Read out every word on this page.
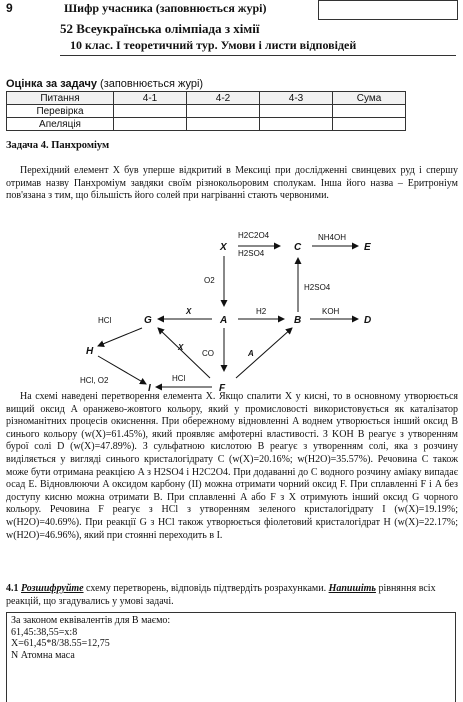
9	Шифр учасника (заповнюється журі)
52 Всеукраїнська олімпіада з хімії
10 клас. І теоретичний тур. Умови і листи відповідей
Оцінка за задачу (заповнюється журі)
Питання	4-1	4-2	4-3	Сума
Перевірка				
Апеляція				
Задача 4. Панхроміум
Перехідний елемент X був уперше відкритий в Мексиці при дослідженні свинцевих руд і спершу отримав назву Панхроміум завдяки своїм різнокольоровим сполукам. Інша його назва – Еритроніум пов'язана з тим, що більшість його солей при нагріванні стають червоними.
X	C	E
A	B	D
G
H
I	F
H2C2O4
H2SO4
NH4OH
O2
H2SO4
H2	KOH
X
HCl
HCl, O2
X
CO	A
HCl
На схемі наведені перетворення елемента X. Якщо спалити X у кисні, то в основному утворюється вищий оксид A оранжево-жовтого кольору, який у промисловості використовується як каталізатор різноманітних процесів окиснення. При обережному відновленні A воднем утворюється інший оксид B синього кольору (w(X)=61.45%), який проявляє амфотерні властивості. З KOH B реагує з утворенням бурої солі D (w(X)=47.89%). З сульфатною кислотою B реагує з утворенням солі, яка з розчину виділяється у вигляді синього кристалогідрату C (w(X)=20.16%; w(H2O)=35.57%). Речовина C також може бути отримана реакцією A з H2SO4 і H2C2O4. При додаванні до C водного розчину аміаку випадає осад E. Відновлюючи A оксидом карбону (II) можна отримати чорний оксид F. При сплавленні F і A без доступу кисню можна отримати B. При сплавленні A або F з X отримують інший оксид G чорного кольору. Речовина F реагує з HCl з утворенням зеленого кристалогідрату I (w(X)=19.19%; w(H2O)=40.69%). При реакції G з HCl також утворюється фіолетовий кристалогідрат H (w(X)=22.17%; w(H2O)=46.96%), який при стоянні переходить в I.
4.1 Розшифруйте схему перетворень, відповідь підтвердіть розрахунками. Напишіть рівняння всіх реакцій, що згадувались у умові задачі.
За законом еквівалентів для B маємо:
61,45:38,55=x:8
X=61,45*8/38.55=12,75
N Атомна маса
